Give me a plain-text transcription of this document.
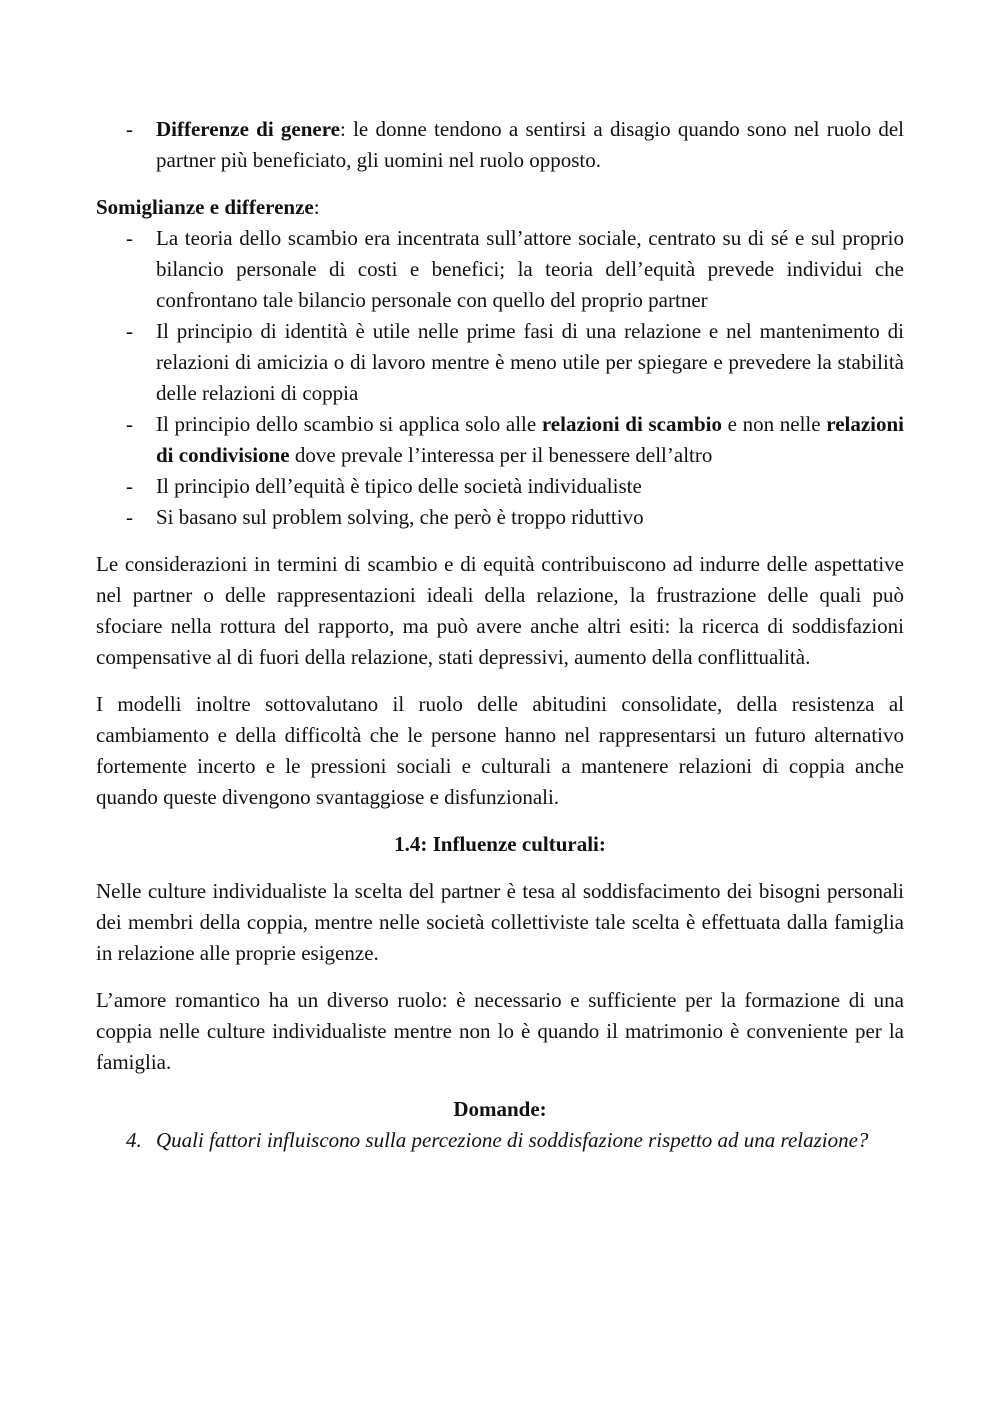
- Differenze di genere: le donne tendono a sentirsi a disagio quando sono nel ruolo del partner più beneficiato, gli uomini nel ruolo opposto.

Somiglianze e differenze:

- La teoria dello scambio era incentrata sull’attore sociale, centrato su di sé e sul proprio bilancio personale di costi e benefici; la teoria dell’equità prevede individui che confrontano tale bilancio personale con quello del proprio partner
- Il principio di identità è utile nelle prime fasi di una relazione e nel mantenimento di relazioni di amicizia o di lavoro mentre è meno utile per spiegare e prevedere la stabilità delle relazioni di coppia
- Il principio dello scambio si applica solo alle relazioni di scambio e non nelle relazioni di condivisione dove prevale l’interessa per il benessere dell’altro
- Il principio dell’equità è tipico delle società individualiste
- Si basano sul problem solving, che però è troppo riduttivo

Le considerazioni in termini di scambio e di equità contribuiscono ad indurre delle aspettative nel partner o delle rappresentazioni ideali della relazione, la frustrazione delle quali può sfociare nella rottura del rapporto, ma può avere anche altri esiti: la ricerca di soddisfazioni compensative al di fuori della relazione, stati depressivi, aumento della conflittualità.

I modelli inoltre sottovalutano il ruolo delle abitudini consolidate, della resistenza al cambiamento e della difficoltà che le persone hanno nel rappresentarsi un futuro alternativo fortemente incerto e le pressioni sociali e culturali a mantenere relazioni di coppia anche quando queste divengono svantaggiose e disfunzionali.

1.4: Influenze culturali:

Nelle culture individualiste la scelta del partner è tesa al soddisfacimento dei bisogni personali dei membri della coppia, mentre nelle società collettiviste tale scelta è effettuata dalla famiglia in relazione alle proprie esigenze.

L’amore romantico ha un diverso ruolo: è necessario e sufficiente per la formazione di una coppia nelle culture individualiste mentre non lo è quando il matrimonio è conveniente per la famiglia.

Domande:

4. Quali fattori influiscono sulla percezione di soddisfazione rispetto ad una relazione?
